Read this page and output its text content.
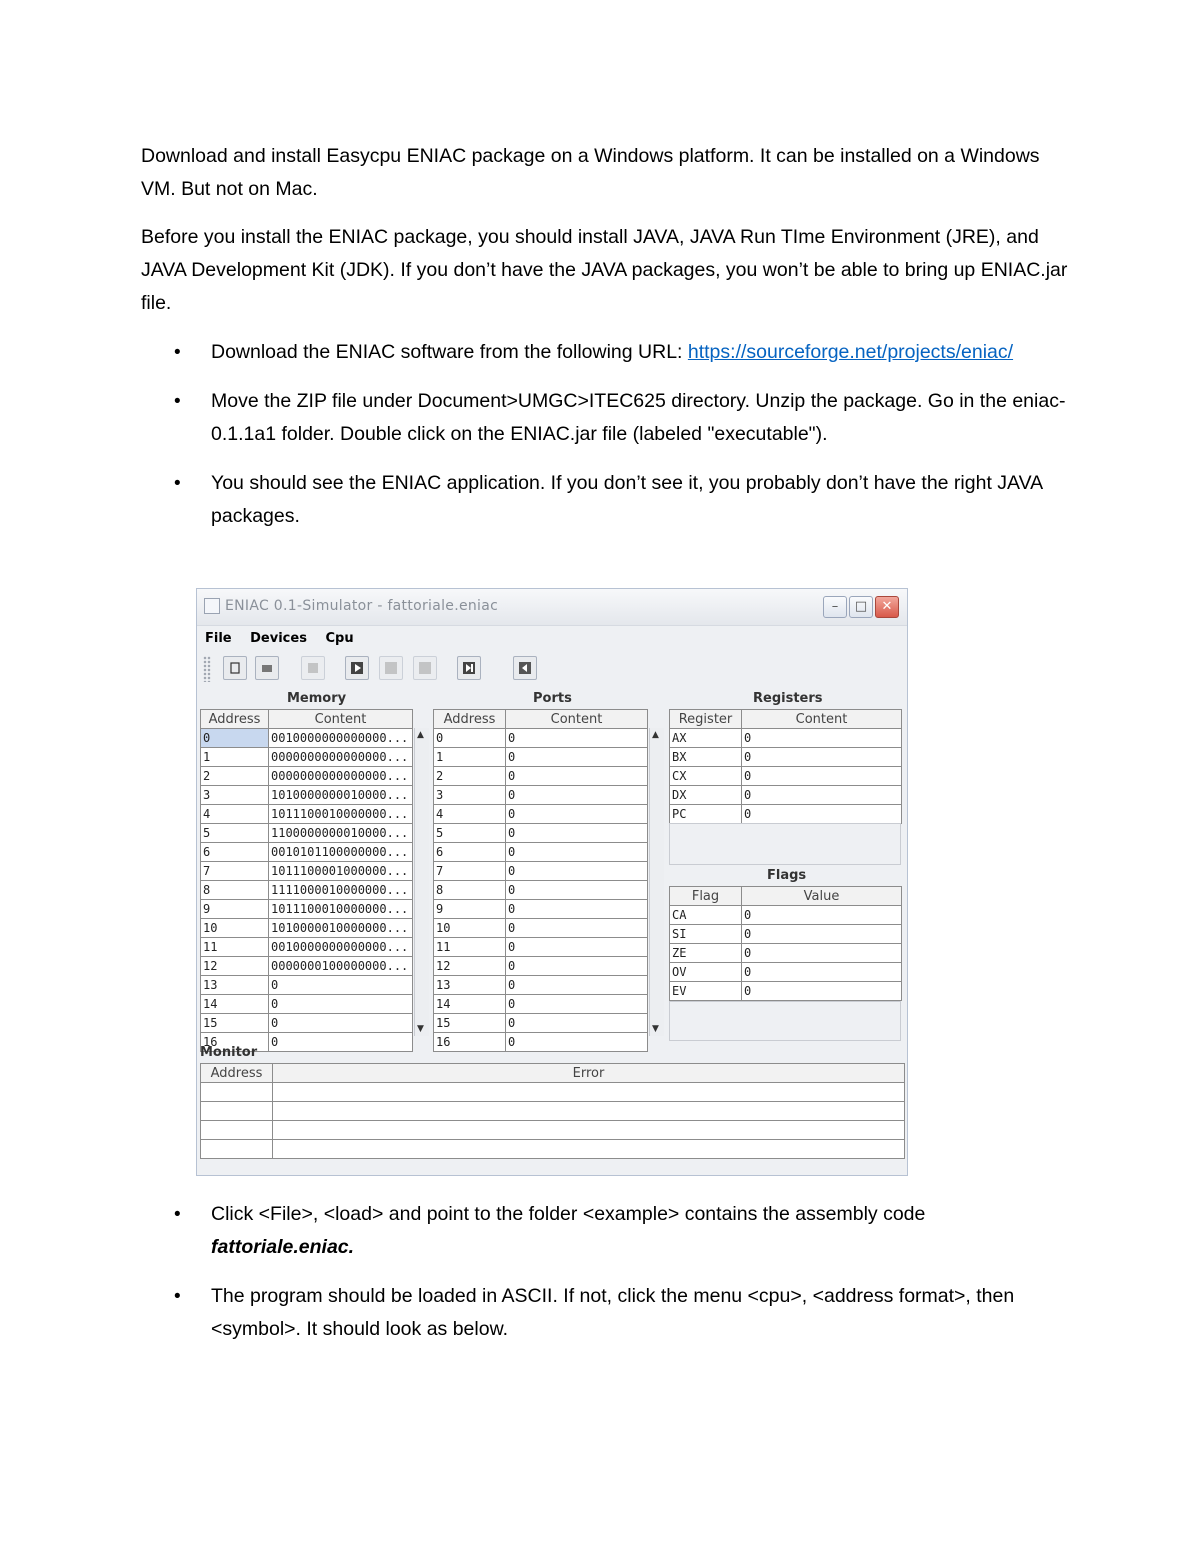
Download and install Easycpu ENIAC package on a Windows platform. It can be installed on a Windows VM. But not on Mac.

Before you install the ENIAC package, you should install JAVA, JAVA Run TIme Environment (JRE), and JAVA Development Kit (JDK). If you don’t have the JAVA packages, you won’t be able to bring up ENIAC.jar file.

• Download the ENIAC software from the following URL: https://sourceforge.net/projects/eniac/
• Move the ZIP file under Document>UMGC>ITEC625 directory. Unzip the package. Go in the eniac-0.1.1a1 folder. Double click on the ENIAC.jar file (labeled "executable").
• You should see the ENIAC application. If you don’t see it, you probably don’t have the right JAVA packages.
ENIAC 0.1-Simulator - fattoriale.eniac	–	□	✕
File Devices Cpu
Memory
Address	Content
0	0010000000000000...
1	0000000000000000...
2	0000000000000000...
3	1010000000010000...
4	1011100010000000...
5	1100000000010000...
6	0010101100000000...
7	1011100001000000...
8	1111000010000000...
9	1011100010000000...
10	1010000010000000...
11	0010000000000000...
12	0000000100000000...
13	0
14	0
15	0
16	0
▲
▼
Ports
Address	Content
0	0
1	0
2	0
3	0
4	0
5	0
6	0
7	0
8	0
9	0
10	0
11	0
12	0
13	0
14	0
15	0
16	0
▲
▼
Registers
Register	Content
AX	0
BX	0
CX	0
DX	0
PC	0
Flags
Flag	Value
CA	0
SI	0
ZE	0
OV	0
EV	0
Monitor
Address	Error

• Click <File>, <load> and point to the folder <example> contains the assembly code fattoriale.eniac.
• The program should be loaded in ASCII. If not, click the menu <cpu>, <address format>, then <symbol>. It should look as below.
